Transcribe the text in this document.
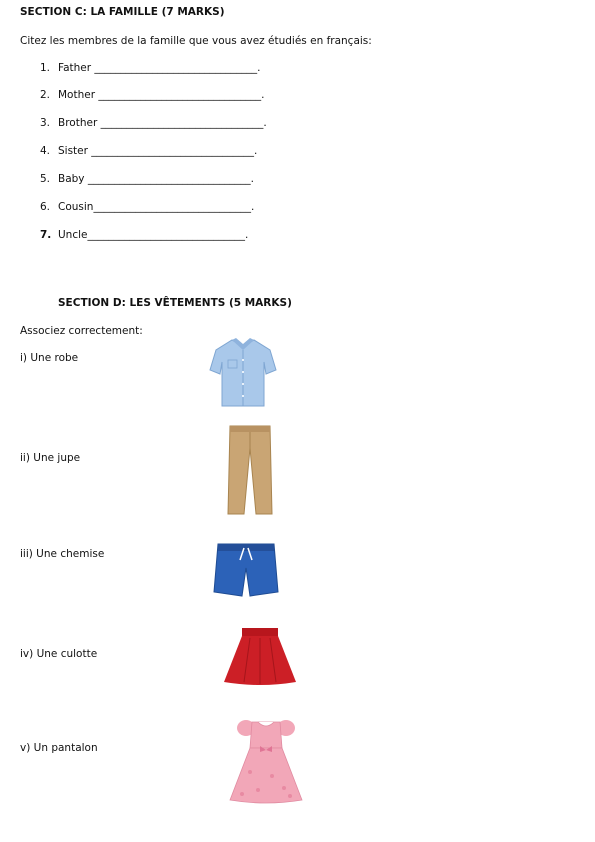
SECTION C: LA FAMILLE (7 MARKS)
Citez les membres de la famille que vous avez étudiés en français:
1. Father _______________________________.
2. Mother _______________________________.
3. Brother _______________________________.
4. Sister _______________________________.
5. Baby _______________________________.
6. Cousin______________________________.
7. Uncle______________________________.
SECTION D: LES VÊTEMENTS (5 MARKS)
Associez correctement:
i) Une robe
ii) Une jupe
iii) Une chemise
iv) Une culotte
v) Un pantalon
